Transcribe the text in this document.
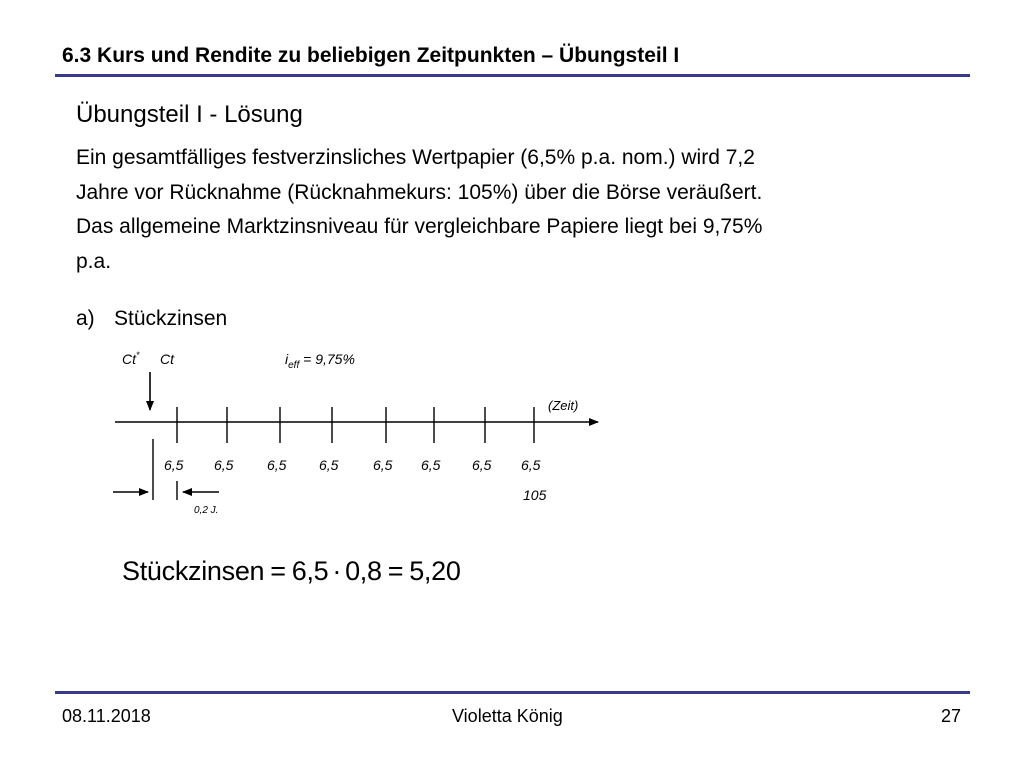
6.3 Kurs und Rendite zu beliebigen Zeitpunkten – Übungsteil I
Übungsteil I - Lösung
Ein gesamtfälliges festverzinsliches Wertpapier (6,5% p.a. nom.) wird 7,2
Jahre vor Rücknahme (Rücknahmekurs: 105%) über die Börse veräußert.
Das allgemeine Marktzinsniveau für vergleichbare Papiere liegt bei 9,75%
p.a.
a) Stückzinsen
Ct* Ct	$i_{eff} = 9,75\%$
(Zeit)
6,5 6,5 6,5 6,5 6,5 6,5 6,5 6,5
105
0,2 J.
Stückzinsen = 6,5 · 0,8 = 5,20
08.11.2018	Violetta König	27
